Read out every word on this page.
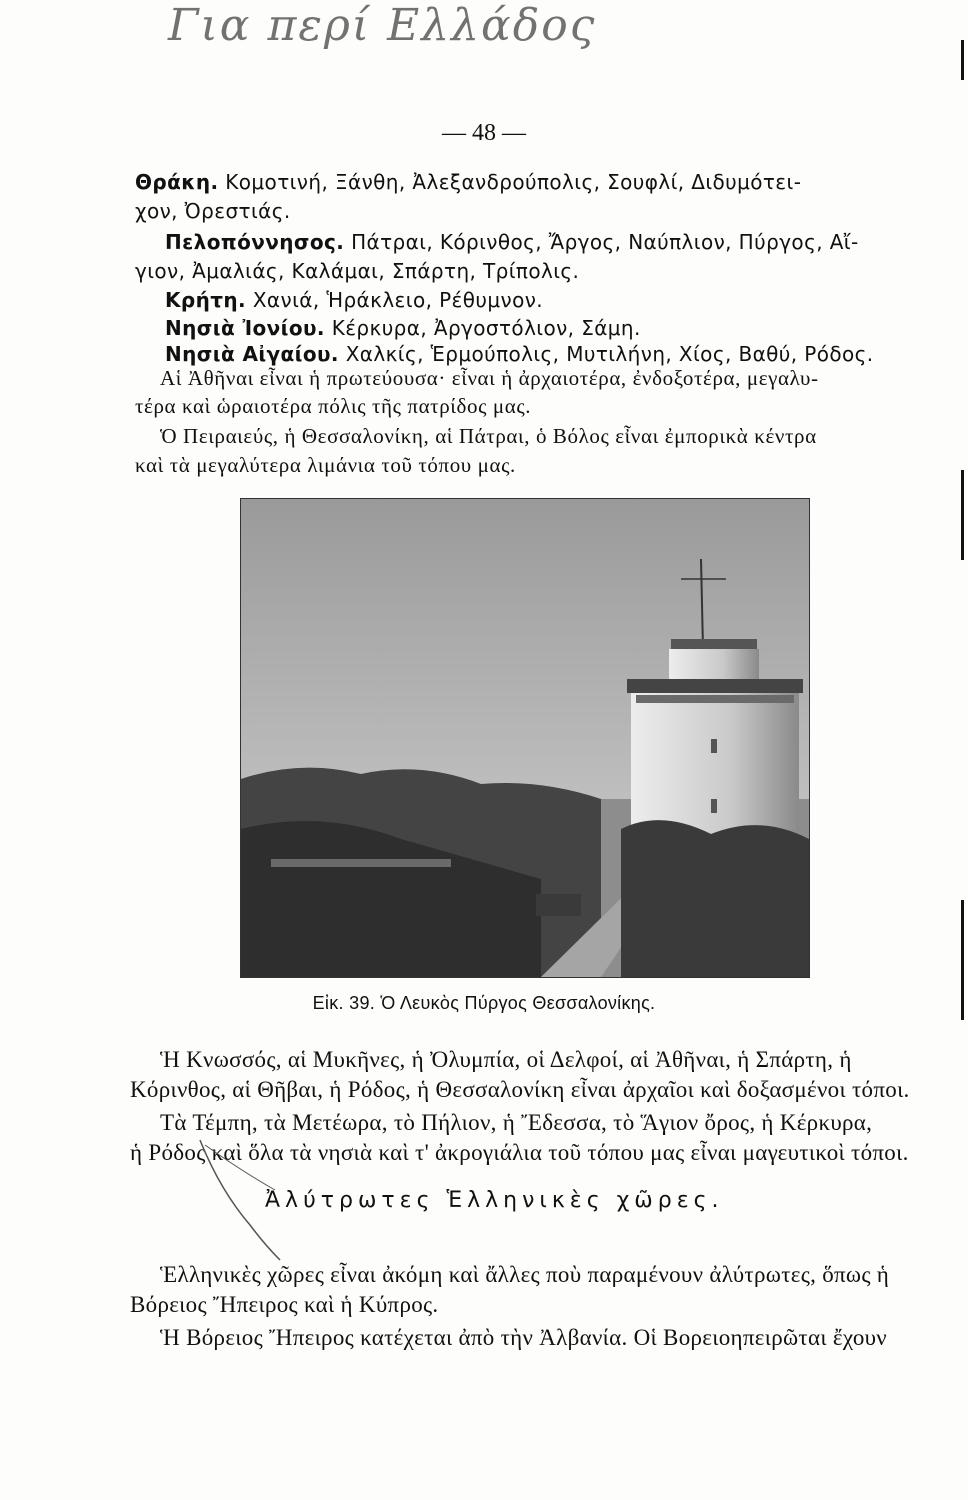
Για περί Ελλάδος
— 48 —
Θράκη. Κομοτινή, Ξάνθη, Ἀλεξανδρούπολις, Σουφλί, Διδυμότει-
χον, Ὀρεστιάς.
Πελοπόννησος. Πάτραι, Κόρινθος, Ἄργος, Ναύπλιον, Πύργος, Αἴ-
γιον, Ἀμαλιάς, Καλάμαι, Σπάρτη, Τρίπολις.
Κρήτη. Χανιά, Ἡράκλειο, Ρέθυμνον.
Νησιὰ Ἰονίου. Κέρκυρα, Ἀργοστόλιον, Σάμη.
Νησιὰ Αἰγαίου. Χαλκίς, Ἑρμούπολις, Μυτιλήνη, Χίος, Βαθύ, Ρόδος.
Αἱ Ἀθῆναι εἶναι ἡ πρωτεύουσα· εἶναι ἡ ἀρχαιοτέρα, ἐνδοξοτέρα, μεγαλυ-
τέρα καὶ ὡραιοτέρα πόλις τῆς πατρίδος μας.
Ὁ Πειραιεύς, ἡ Θεσσαλονίκη, αἱ Πάτραι, ὁ Βόλος εἶναι ἐμπορικὰ κέντρα
καὶ τὰ μεγαλύτερα λιμάνια τοῦ τόπου μας.
Εἰκ. 39. Ὁ Λευκὸς Πύργος Θεσσαλονίκης.
Ἡ Κνωσσός, αἱ Μυκῆνες, ἡ Ὀλυμπία, οἱ Δελφοί, αἱ Ἀθῆναι, ἡ Σπάρτη, ἡ
Κόρινθος, αἱ Θῆβαι, ἡ Ρόδος, ἡ Θεσσαλονίκη εἶναι ἀρχαῖοι καὶ δοξασμένοι τόποι.
Τὰ Τέμπη, τὰ Μετέωρα, τὸ Πήλιον, ἡ Ἔδεσσα, τὸ Ἅγιον ὄρος, ἡ Κέρκυρα,
ἡ Ρόδος καὶ ὅλα τὰ νησιὰ καὶ τ' ἀκρογιάλια τοῦ τόπου μας εἶναι μαγευτικοὶ τόποι.
Ἀλύτρωτες Ἑλληνικὲς χῶρες.
Ἑλληνικὲς χῶρες εἶναι ἀκόμη καὶ ἄλλες ποὺ παραμένουν ἀλύτρωτες, ὅπως ἡ
Βόρειος Ἤπειρος καὶ ἡ Κύπρος.
Ἡ Βόρειος Ἤπειρος κατέχεται ἀπὸ τὴν Ἀλβανία. Οἱ Βορειοηπειρῶται ἔχουν
